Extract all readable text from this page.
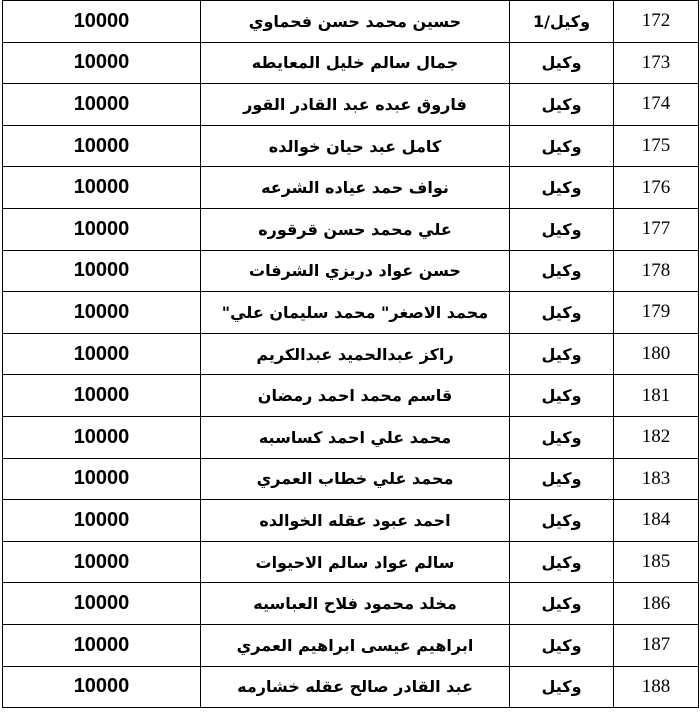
10000	حسين محمد حسن فحماوي	وكيل/1	172
10000	جمال سالم خليل المعايطه	وكيل	173
10000	فاروق عبده عبد القادر القور	وكيل	174
10000	كامل عبد حيان خوالده	وكيل	175
10000	نواف حمد عياده الشرعه	وكيل	176
10000	علي محمد حسن قرقوره	وكيل	177
10000	حسن عواد دريزي الشرفات	وكيل	178
10000	محمد الاصغر" محمد سليمان علي"	وكيل	179
10000	راكز عبدالحميد عبدالكريم	وكيل	180
10000	قاسم محمد احمد رمضان	وكيل	181
10000	محمد علي احمد كساسبه	وكيل	182
10000	محمد علي خطاب العمري	وكيل	183
10000	احمد عبود عقله الخوالده	وكيل	184
10000	سالم عواد سالم الاحيوات	وكيل	185
10000	مخلد محمود فلاح العباسيه	وكيل	186
10000	ابراهيم عيسى ابراهيم العمري	وكيل	187
10000	عبد القادر صالح عقله خشارمه	وكيل	188
